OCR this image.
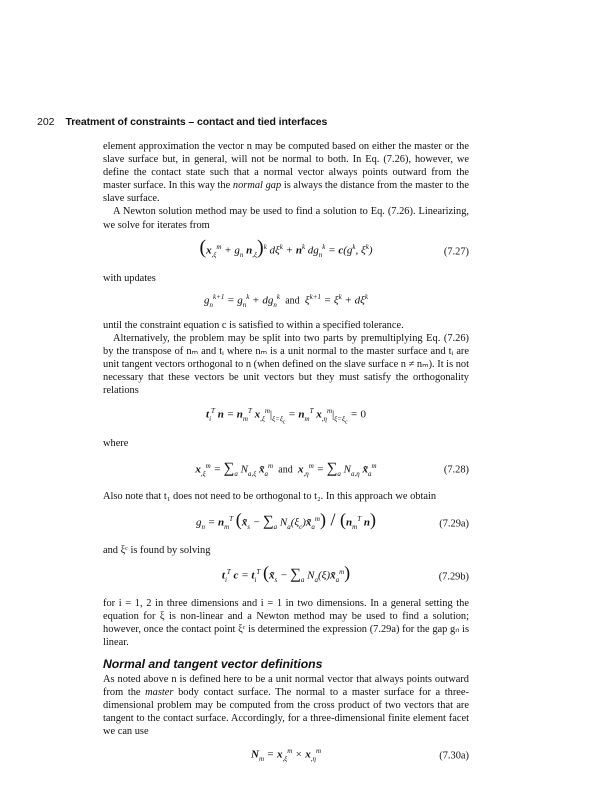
202 Treatment of constraints – contact and tied interfaces

element approximation the vector n may be computed based on either the master or the slave surface but, in general, will not be normal to both. In Eq. (7.26), however, we define the contact state such that a normal vector always points outward from the master surface. In this way the normal gap is always the distance from the master to the slave surface.

A Newton solution method may be used to find a solution to Eq. (7.26). Linearizing, we solve for iterates from

($x_{,\xi}^m + g_n$ $n_{,\xi})^k$ $d\xi^k + n^k$ $dg_n^k = c(g^k$, $\xi^k$)	(7.27)

with updates

$g_n^{k+1} = g_n^k + dg_n^k$  and  $\xi^{k+1} = \xi^k + d\xi^k$

until the constraint equation c is satisfied to within a specified tolerance.

Alternatively, the problem may be split into two parts by premultiplying Eq. (7.26) by the transpose of nₘ and tᵢ where nₘ is a unit normal to the master surface and tᵢ are unit tangent vectors orthogonal to n (when defined on the slave surface n ≠ nₘ). It is not necessary that these vectors be unit vectors but they must satisfy the orthogonality relations

$t_i^T$ $n = n_m^T$ $x_{,\xi}^m|_{\xi=\xi_c} = n_m^T$ $x_{,\eta}^m|_{\xi=\xi_c} = 0$

where

$x_{,\xi}^m = \sum_a$ $N_{a,\xi}$ $x̃_a^m$  and  $x_{,\eta}^m = \sum_a$ $N_{a,\eta}$ $x̃_a^m$	(7.28)

Also note that t₁ does not need to be orthogonal to t₂. In this approach we obtain

$g_n = n_m^T$ ($x̃_s - \sum_a$ $N_a(\xi_c)x̃_a^m) / (n_m^T$ n)	(7.29a)

and ξᶜ is found by solving

$t_i^T$ $c = t_i^T$ ($x̃_s - \sum_a$ $N_a(\xi)x̃_a^m$)	(7.29b)

for i = 1, 2 in three dimensions and i = 1 in two dimensions. In a general setting the equation for ξ is non-linear and a Newton method may be used to find a solution; however, once the contact point ξᶜ is determined the expression (7.29a) for the gap gₙ is linear.

Normal and tangent vector definitions

As noted above n is defined here to be a unit normal vector that always points outward from the master body contact surface. The normal to a master surface for a three-dimensional problem may be computed from the cross product of two vectors that are tangent to the contact surface. Accordingly, for a three-dimensional finite element facet we can use

$N_m = x_{,\xi}^m \times x_{,\eta}^m$	(7.30a)
